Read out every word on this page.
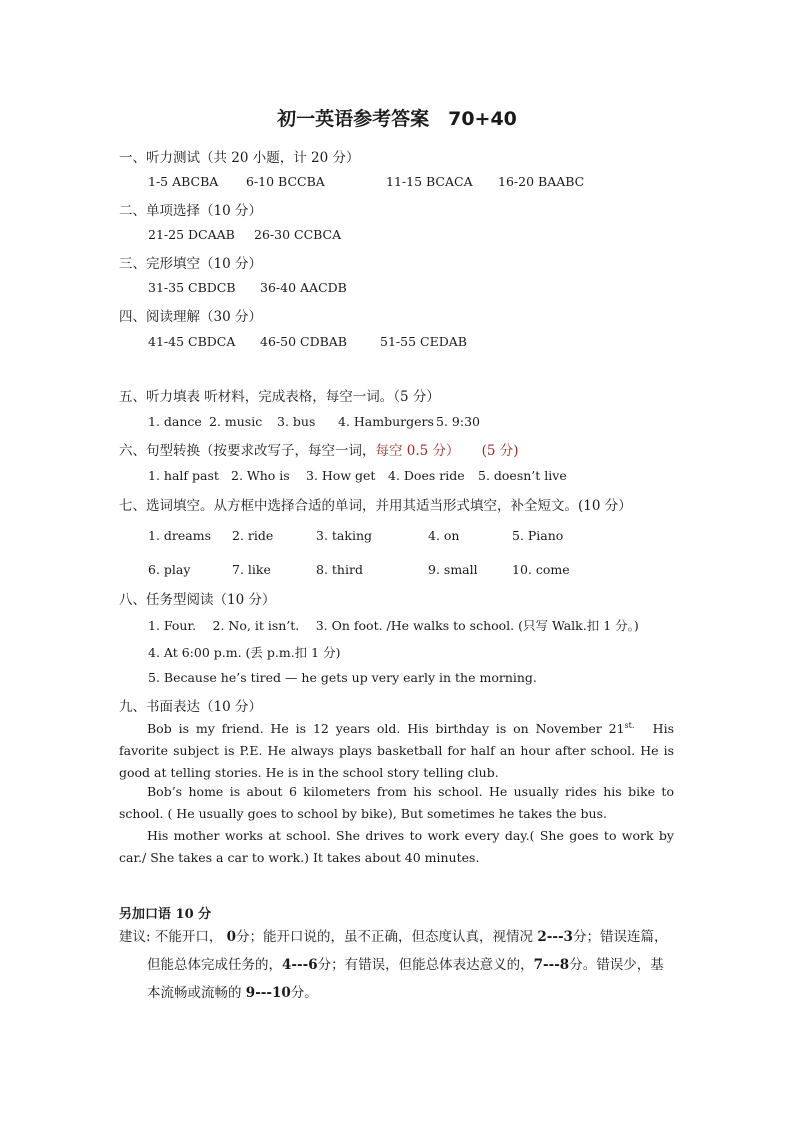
初一英语参考答案　70+40
一、听力测试（共 20 小题，计 20 分）
1-5 ABCBA 6-10 BCCBA	11-15 BCACA 16-20 BAABC
二、单项选择（10 分）
21-25 DCAAB 26-30 CCBCA
三、完形填空（10 分）
31-35 CBDCB 36-40 AACDB
四、阅读理解（30 分）
41-45 CBDCA 46-50 CDBAB	51-55 CEDAB
五、听力填表 听材料，完成表格，每空一词。（5 分）
1. dance 2. music 3. bus 4. Hamburgers 5. 9:30
六、句型转换（按要求改写子，每空一词，每空 0.5 分） (5 分)
1. half past 2. Who is 3. How get 4. Does ride 5. doesn’t live
七、选词填空。从方框中选择合适的单词，并用其适当形式填空，补全短文。(10 分）
1. dreams 2. ride	3. taking	4. on	5. Piano
6. play	7. like	8. third	9. small	10. come
八、任务型阅读（10 分）
1. Four.　 2. No, it isn’t.　 3. On foot. /He walks to school. (只写 Walk.扣 1 分。)
4. At 6:00 p.m. (丢 p.m.扣 1 分)
5. Because he’s tired — he gets up very early in the morning.
九、书面表达（10 分）
Bob is my friend. He is 12 years old. His birthday is on November $21^{st.}$　His favorite subject is P.E. He always plays basketball for half an hour after school. He is good at telling stories. He is in the school story telling club.
Bob’s home is about 6 kilometers from his school. He usually rides his bike to school. ( He usually goes to school by bike), But sometimes he takes the bus.
His mother works at school. She drives to work every day.( She goes to work by car./ She takes a car to work.) It takes about 40 minutes.
另加口语 10 分
建议: 不能开口， 0分；能开口说的，虽不正确，但态度认真，视情况 2---3分；错误连篇，
但能总体完成任务的，4---6分；有错误，但能总体表达意义的，7---8分。错误少，基
本流畅或流畅的 9---10分。
